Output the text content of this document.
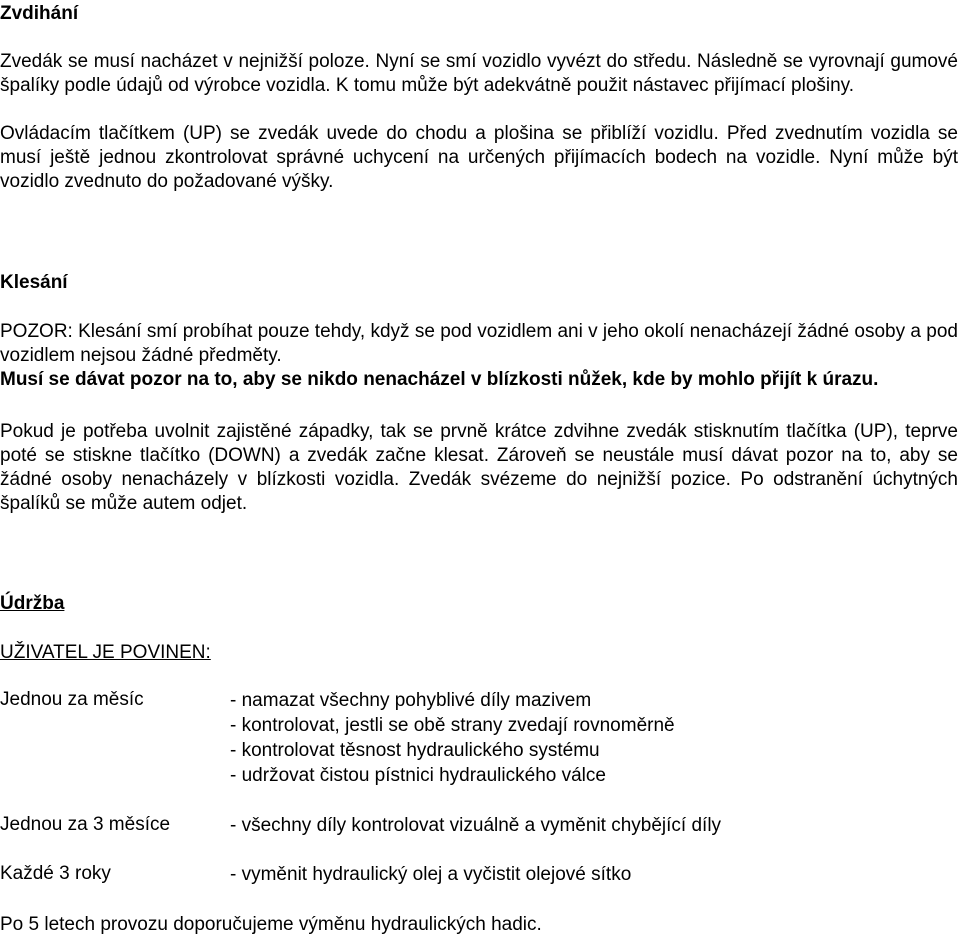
Zvdihání

Zvedák se musí nacházet v nejnižší poloze. Nyní se smí vozidlo vyvézt do středu. Následně se vyrovnají gumové špalíky podle údajů od výrobce vozidla. K tomu může být adekvátně použit nástavec přijímací plošiny.

Ovládacím tlačítkem (UP) se zvedák uvede do chodu a plošina se přiblíží vozidlu. Před zvednutím vozidla se musí ještě jednou zkontrolovat správné uchycení na určených přijímacích bodech na vozidle. Nyní může být vozidlo zvednuto do požadované výšky.

Klesání

POZOR: Klesání smí probíhat pouze tehdy, když se pod vozidlem ani v jeho okolí nenacházejí žádné osoby a pod vozidlem nejsou žádné předměty.

Musí se dávat pozor na to, aby se nikdo nenacházel v blízkosti nůžek, kde by mohlo přijít k úrazu.

Pokud je potřeba uvolnit zajistěné západky, tak se prvně krátce zdvihne zvedák stisknutím tlačítka (UP), teprve poté se stiskne tlačítko (DOWN) a zvedák začne klesat. Zároveň se neustále musí dávat pozor na to, aby se žádné osoby nenacházely v blízkosti vozidla. Zvedák svézeme do nejnižší pozice. Po odstranění úchytných špalíků se může autem odjet.

Údržba
UŽIVATEL JE POVINEN:
Jednou za měsíc	- namazat všechny pohyblivé díly mazivem
- kontrolovat, jestli se obě strany zvedají rovnoměrně
- kontrolovat těsnost hydraulického systému
- udržovat čistou pístnici hydraulického válce
Jednou za 3 měsíce	- všechny díly kontrolovat vizuálně a vyměnit chybějící díly
Každé 3 roky	- vyměnit hydraulický olej a vyčistit olejové sítko
Po 5 letech provozu doporučujeme výměnu hydraulických hadic.
